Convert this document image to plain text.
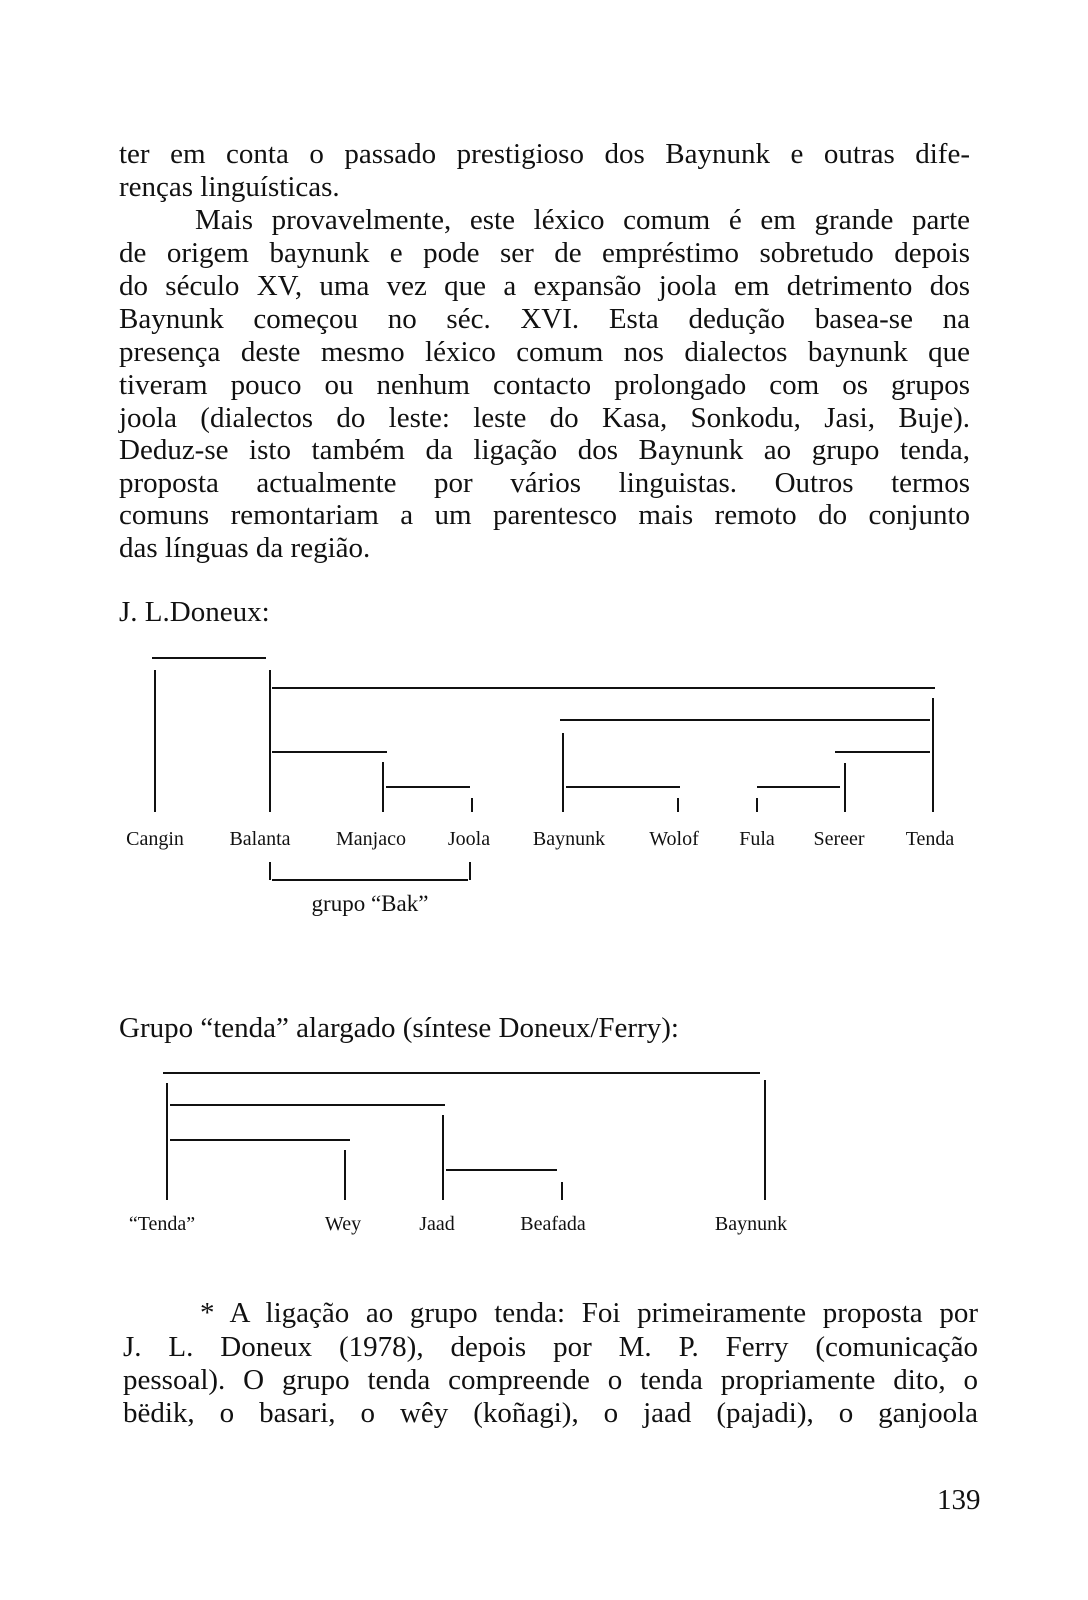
ter em conta o passado prestigioso dos Baynunk e outras dife-
renças linguísticas.
Mais provavelmente, este léxico comum é em grande parte
de origem baynunk e pode ser de empréstimo sobretudo depois
do século XV, uma vez que a expansão joola em detrimento dos
Baynunk começou no séc. XVI. Esta dedução basea-se na
presença deste mesmo léxico comum nos dialectos baynunk que
tiveram pouco ou nenhum contacto prolongado com os grupos
joola (dialectos do leste: leste do Kasa, Sonkodu, Jasi, Buje).
Deduz-se isto também da ligação dos Baynunk ao grupo tenda,
proposta actualmente por vários linguistas. Outros termos
comuns remontariam a um parentesco mais remoto do conjunto
das línguas da região.
J. L.Doneux:
Cangin Balanta Manjaco Joola Baynunk Wolof Fula Sereer Tenda
grupo “Bak”
Grupo “tenda” alargado (síntese Doneux/Ferry):
“Tenda”	Wey	Jaad	Beafada	Baynunk
* A ligação ao grupo tenda: Foi primeiramente proposta por
J. L. Doneux (1978), depois por M. P. Ferry (comunicação
pessoal). O grupo tenda compreende o tenda propriamente dito, o
bëdik, o basari, o wêy (koñagi), o jaad (pajadi), o ganjoola
139
